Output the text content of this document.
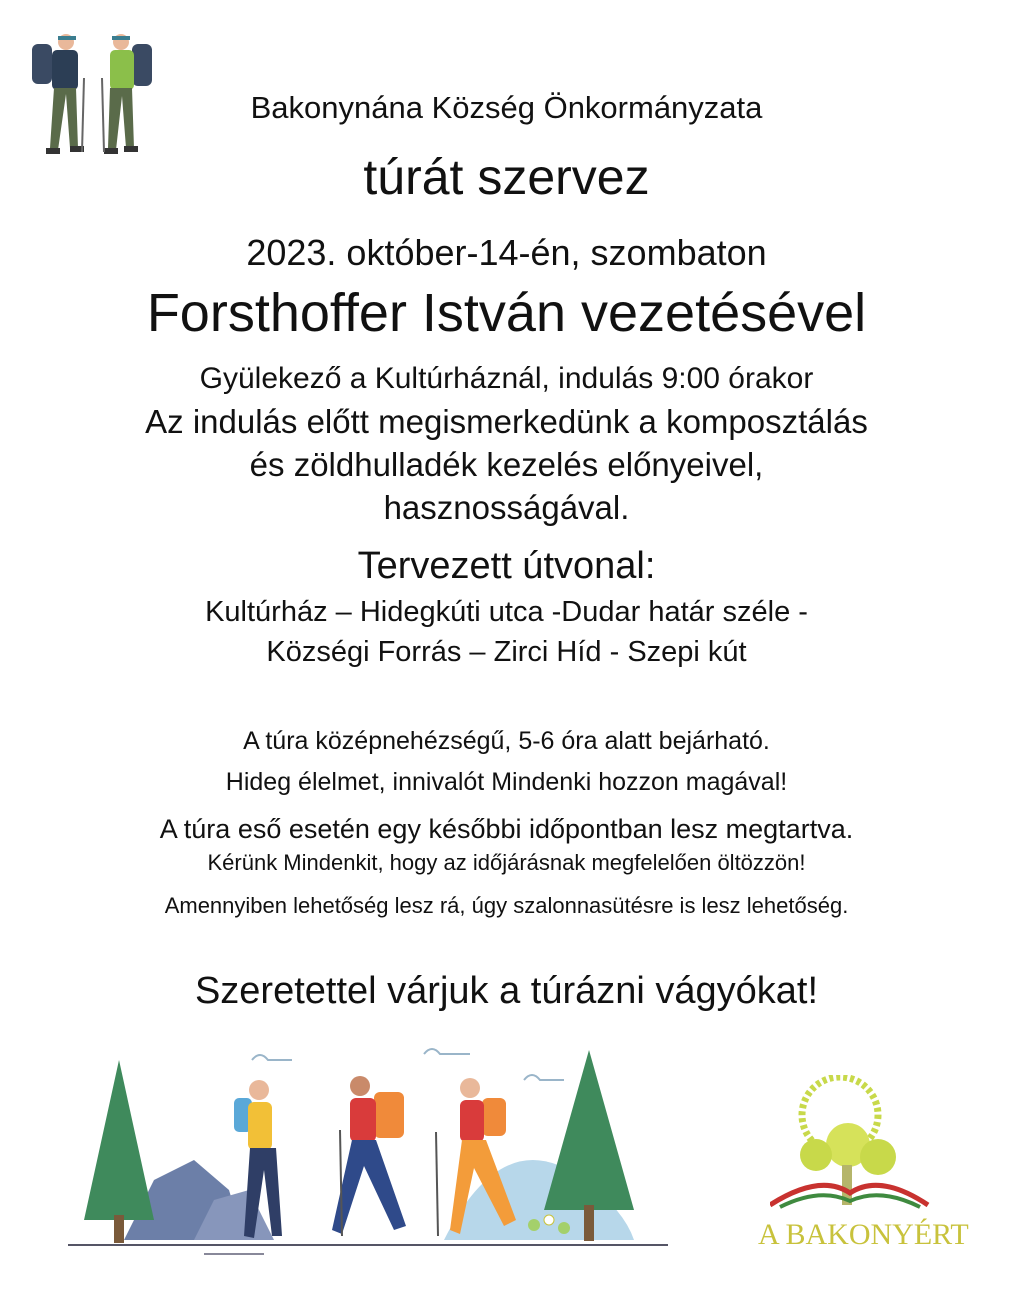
Bakonynána Község Önkormányzata
túrát szervez
2023. október-14-én, szombaton
Forsthoffer István vezetésével
Gyülekező a Kultúrháznál, indulás 9:00 órakor
Az indulás előtt megismerkedünk a komposztálás
és zöldhulladék kezelés előnyeivel,
hasznosságával.
Tervezett útvonal:
Kultúrház – Hidegkúti utca -Dudar határ széle -
Községi Forrás – Zirci Híd - Szepi kút
A túra középnehézségű, 5-6 óra alatt bejárható.
Hideg élelmet, innivalót Mindenki hozzon magával!
A túra eső esetén egy későbbi időpontban lesz megtartva.
Kérünk Mindenkit, hogy az időjárásnak megfelelően öltözzön!
Amennyiben lehetőség lesz rá, úgy szalonnasütésre is lesz lehetőség.
Szeretettel várjuk a túrázni vágyókat!
A BAKONYÉRT
